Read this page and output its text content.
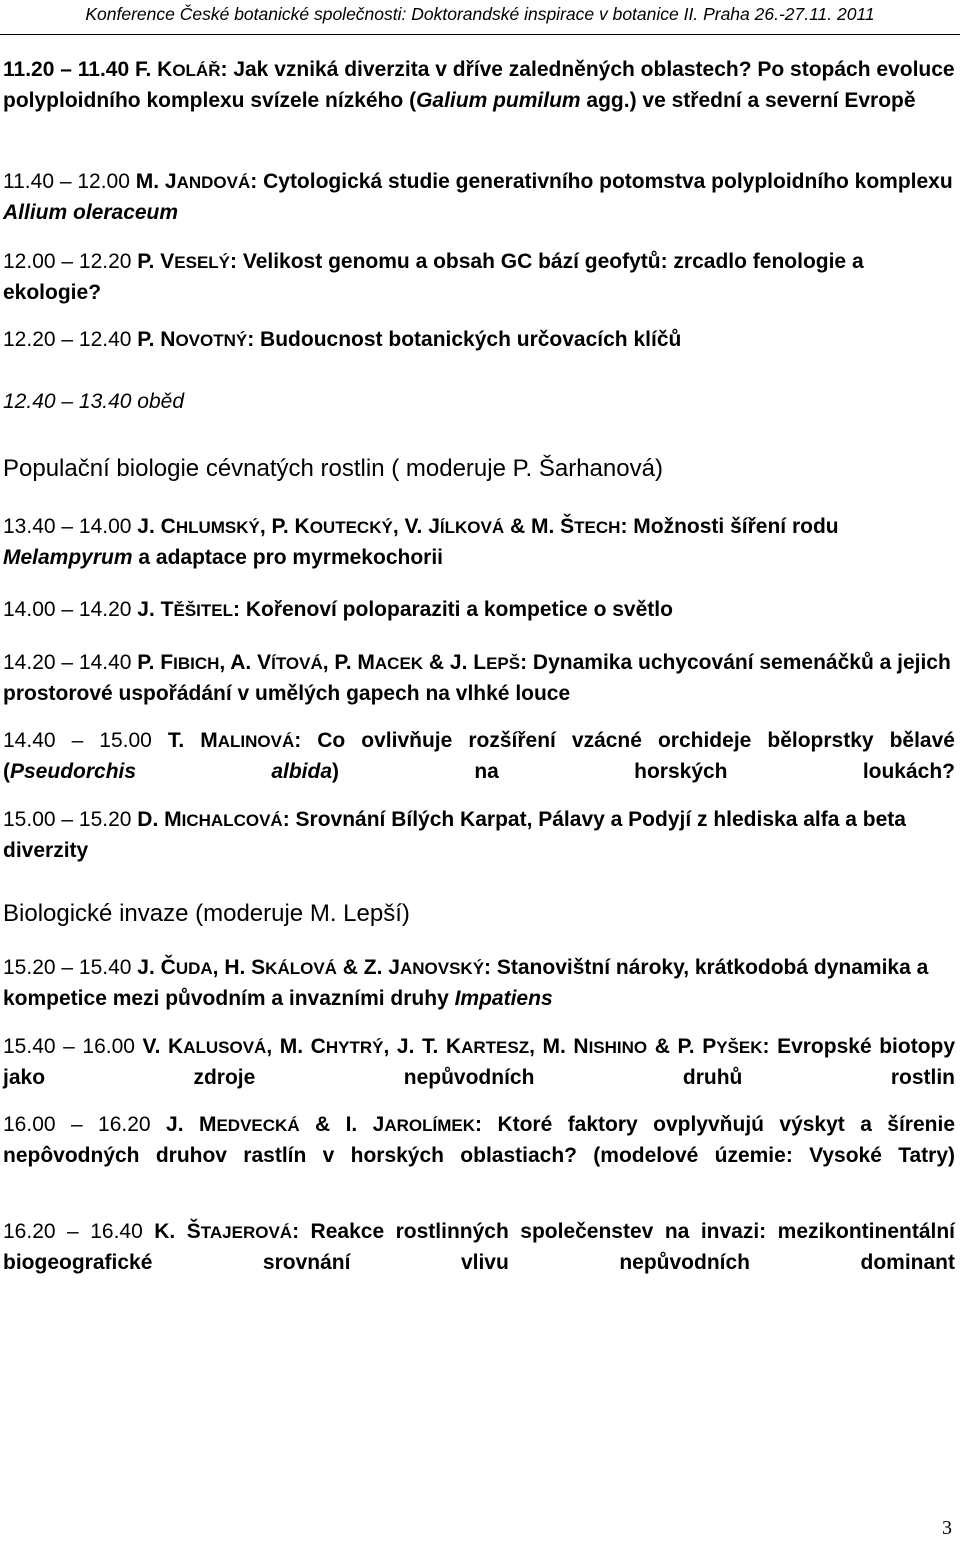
Konference České botanické společnosti: Doktorandské inspirace v botanice II. Praha 26.-27.11. 2011
11.20 – 11.40 F. KOLÁŘ: Jak vzniká diverzita v dříve zaledněných oblastech? Po stopách evoluce polyploidního komplexu svízele nízkého (Galium pumilum agg.) ve střední a severní Evropě
11.40 – 12.00 M. JANDOVÁ: Cytologická studie generativního potomstva polyploidního komplexu Allium oleraceum
12.00 – 12.20 P. VESELÝ: Velikost genomu a obsah GC bází geofytů: zrcadlo fenologie a ekologie?
12.20 – 12.40 P. NOVOTNÝ: Budoucnost botanických určovacích klíčů
12.40 – 13.40 oběd
Populační biologie cévnatých rostlin ( moderuje P. Šarhanová)
13.40 – 14.00 J. CHLUMSKÝ, P. KOUTECKÝ, V. JÍLKOVÁ & M. ŠTECH: Možnosti šíření rodu Melampyrum a adaptace pro myrmekochorii
14.00 – 14.20 J. TĚŠITEL: Kořenoví poloparaziti a kompetice o světlo
14.20 – 14.40 P. FIBICH, A. VÍTOVÁ, P. MACEK & J. LEPŠ: Dynamika uchycování semenáčků a jejich prostorové uspořádání v umělých gapech na vlhké louce
14.40 – 15.00 T. MALINOVÁ: Co ovlivňuje rozšíření vzácné orchideje běloprstky bělavé (Pseudorchis albida) na horských loukách?
15.00 – 15.20 D. MICHALCOVÁ: Srovnání Bílých Karpat, Pálavy a Podyjí z hlediska alfa a beta diverzity
Biologické invaze (moderuje M. Lepší)
15.20 – 15.40 J. ČUDA, H. SKÁLOVÁ & Z. JANOVSKÝ: Stanovištní nároky, krátkodobá dynamika a kompetice mezi původním a invazními druhy Impatiens
15.40 – 16.00 V. KALUSOVÁ, M. CHYTRÝ, J. T. KARTESZ, M. NISHINO & P. PYŠEK: Evropské biotopy jako zdroje nepůvodních druhů rostlin
16.00 – 16.20 J. MEDVECKÁ & I. JAROLÍMEK: Ktoré faktory ovplyvňujú výskyt a šírenie nepôvodných druhov rastlín v horských oblastiach? (modelové územie: Vysoké Tatry)
16.20 – 16.40 K. ŠTAJEROVÁ: Reakce rostlinných společenstev na invazi: mezikontinentální biogeografické srovnání vlivu nepůvodních dominant
3
